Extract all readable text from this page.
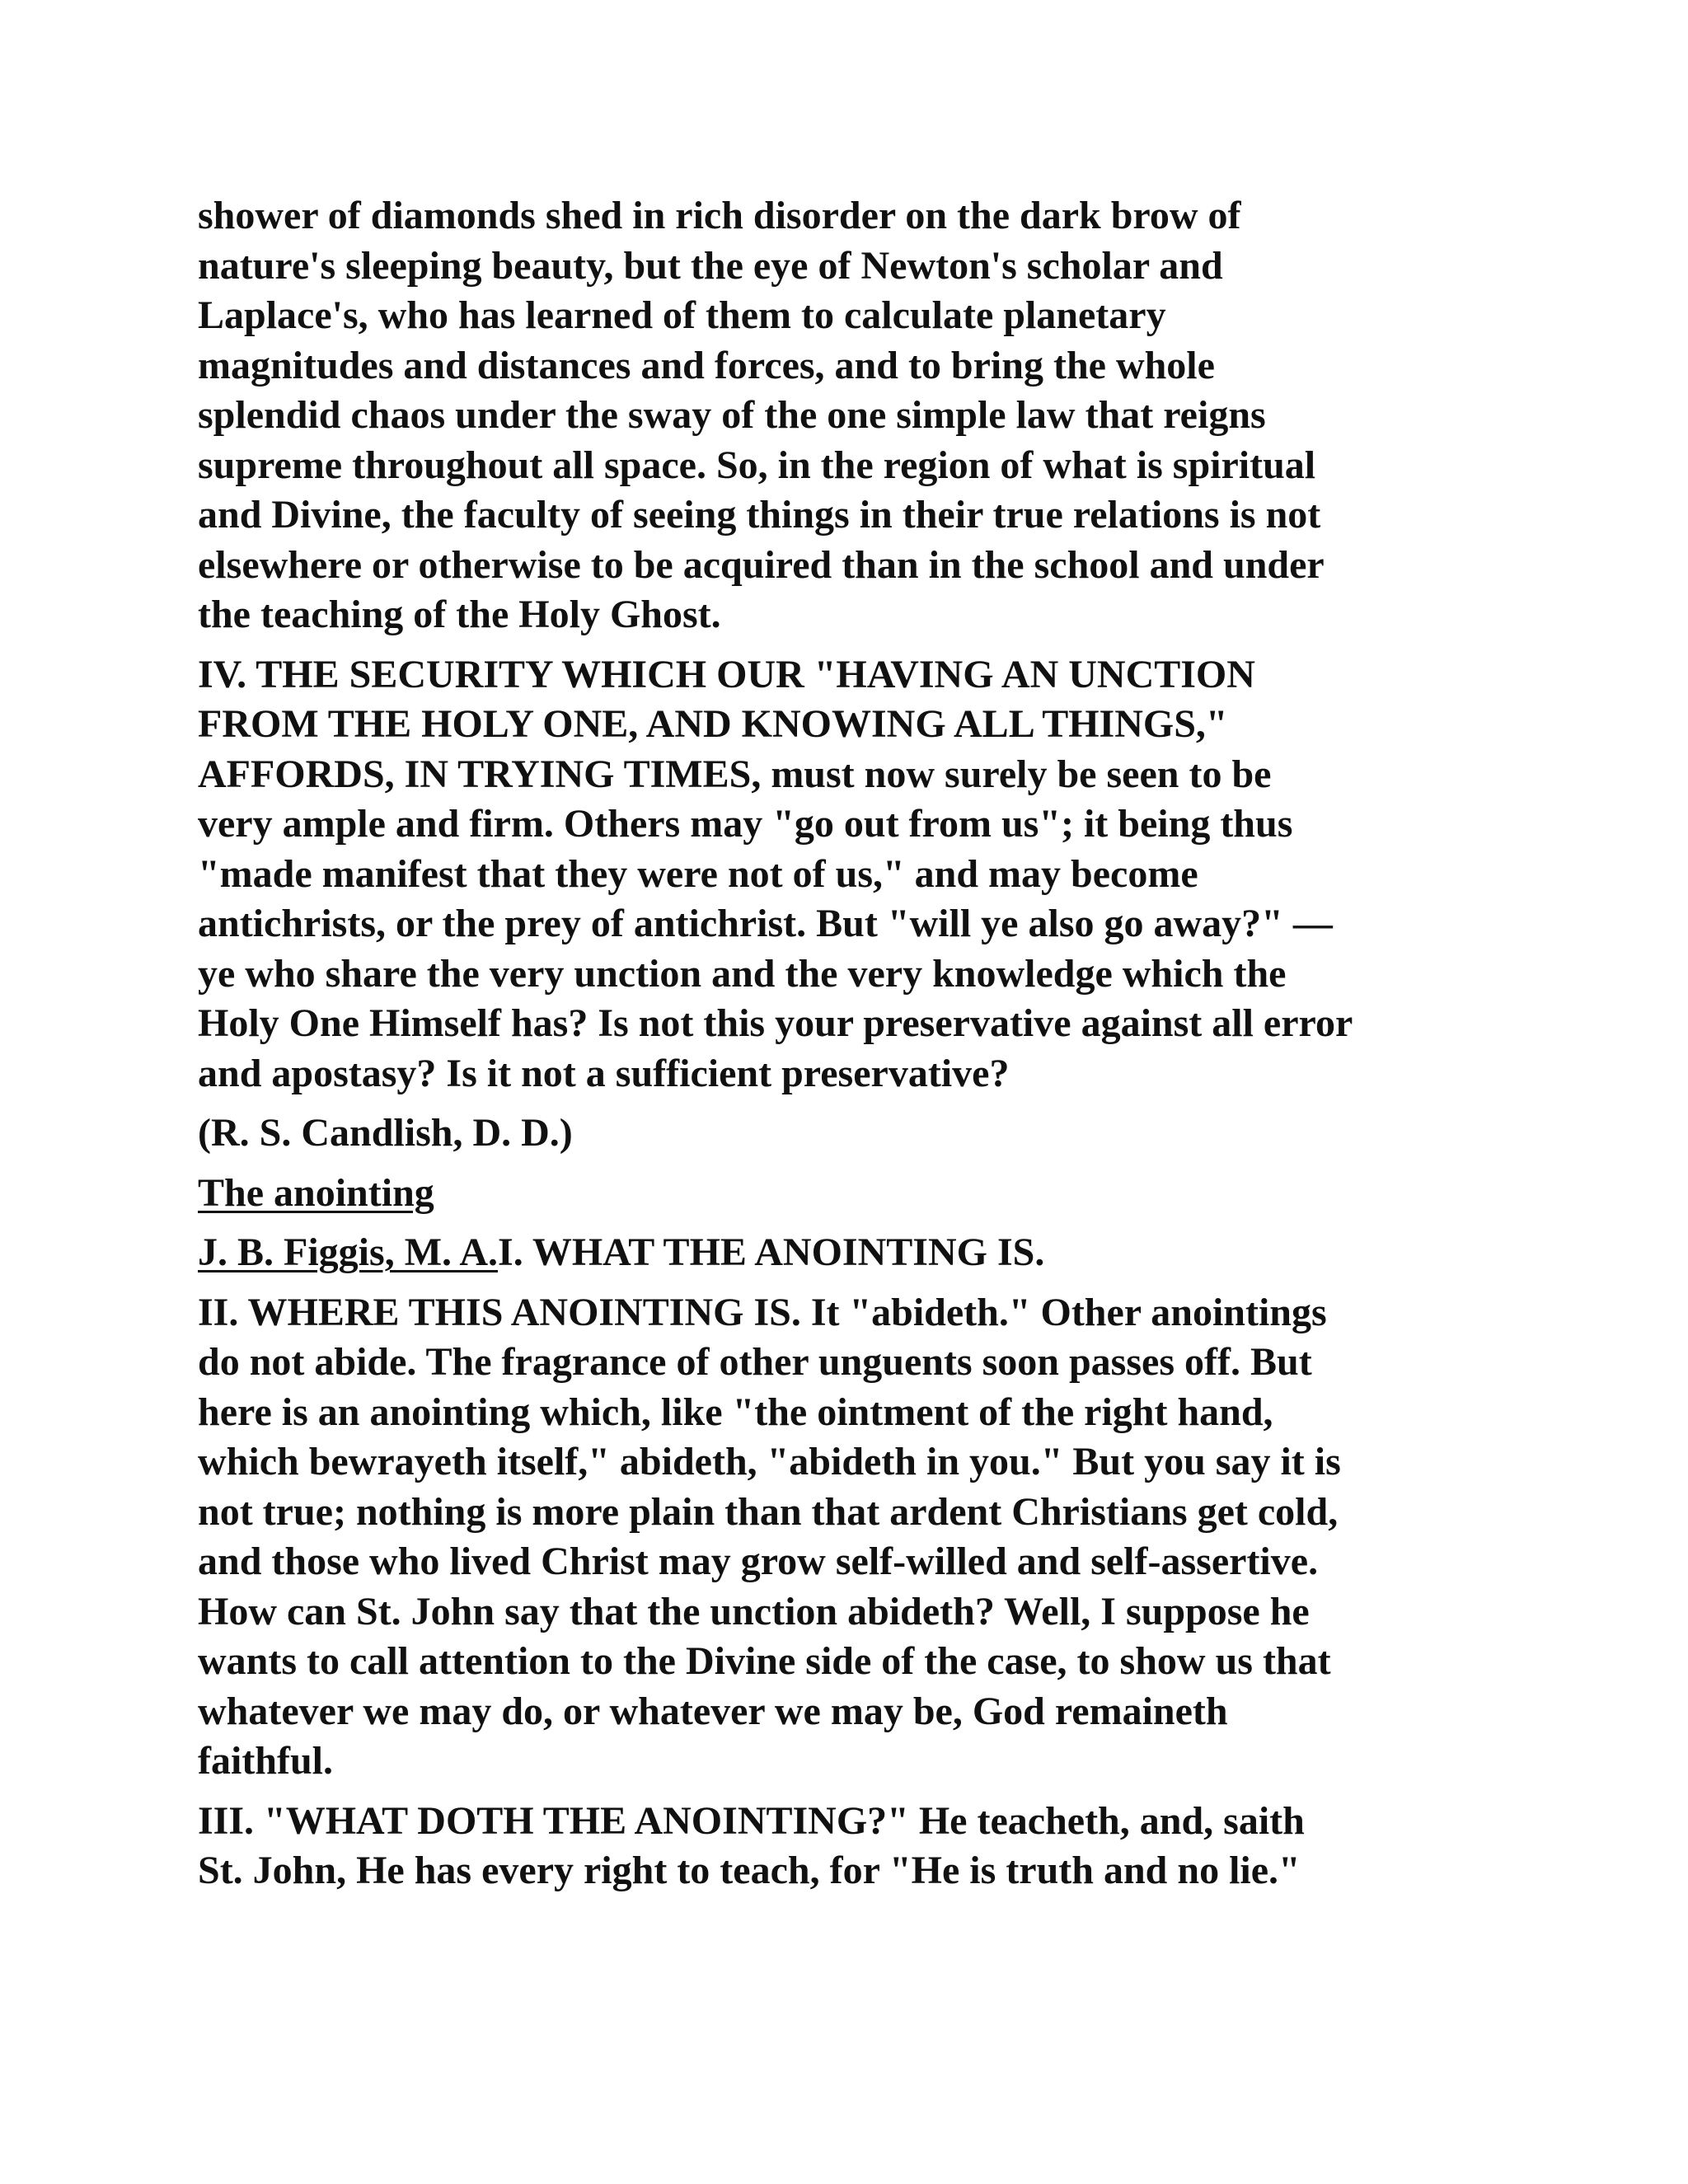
shower of diamonds shed in rich disorder on the dark brow of
nature's sleeping beauty, but the eye of Newton's scholar and
Laplace's, who has learned of them to calculate planetary
magnitudes and distances and forces, and to bring the whole
splendid chaos under the sway of the one simple law that reigns
supreme throughout all space. So, in the region of what is spiritual
and Divine, the faculty of seeing things in their true relations is not
elsewhere or otherwise to be acquired than in the school and under
the teaching of the Holy Ghost.
IV. THE SECURITY WHICH OUR "HAVING AN UNCTION
FROM THE HOLY ONE, AND KNOWING ALL THINGS,"
AFFORDS, IN TRYING TIMES, must now surely be seen to be
very ample and firm. Others may "go out from us"; it being thus
"made manifest that they were not of us," and may become
antichrists, or the prey of antichrist. But "will ye also go away?" —
ye who share the very unction and the very knowledge which the
Holy One Himself has? Is not this your preservative against all error
and apostasy? Is it not a sufficient preservative?
(R. S. Candlish, D. D.)
The anointing
J. B. Figgis, M. A.I. WHAT THE ANOINTING IS.
II. WHERE THIS ANOINTING IS. It "abideth." Other anointings
do not abide. The fragrance of other unguents soon passes off. But
here is an anointing which, like "the ointment of the right hand,
which bewrayeth itself," abideth, "abideth in you." But you say it is
not true; nothing is more plain than that ardent Christians get cold,
and those who lived Christ may grow self-willed and self-assertive.
How can St. John say that the unction abideth? Well, I suppose he
wants to call attention to the Divine side of the case, to show us that
whatever we may do, or whatever we may be, God remaineth
faithful.
III. "WHAT DOTH THE ANOINTING?" He teacheth, and, saith
St. John, He has every right to teach, for "He is truth and no lie."
